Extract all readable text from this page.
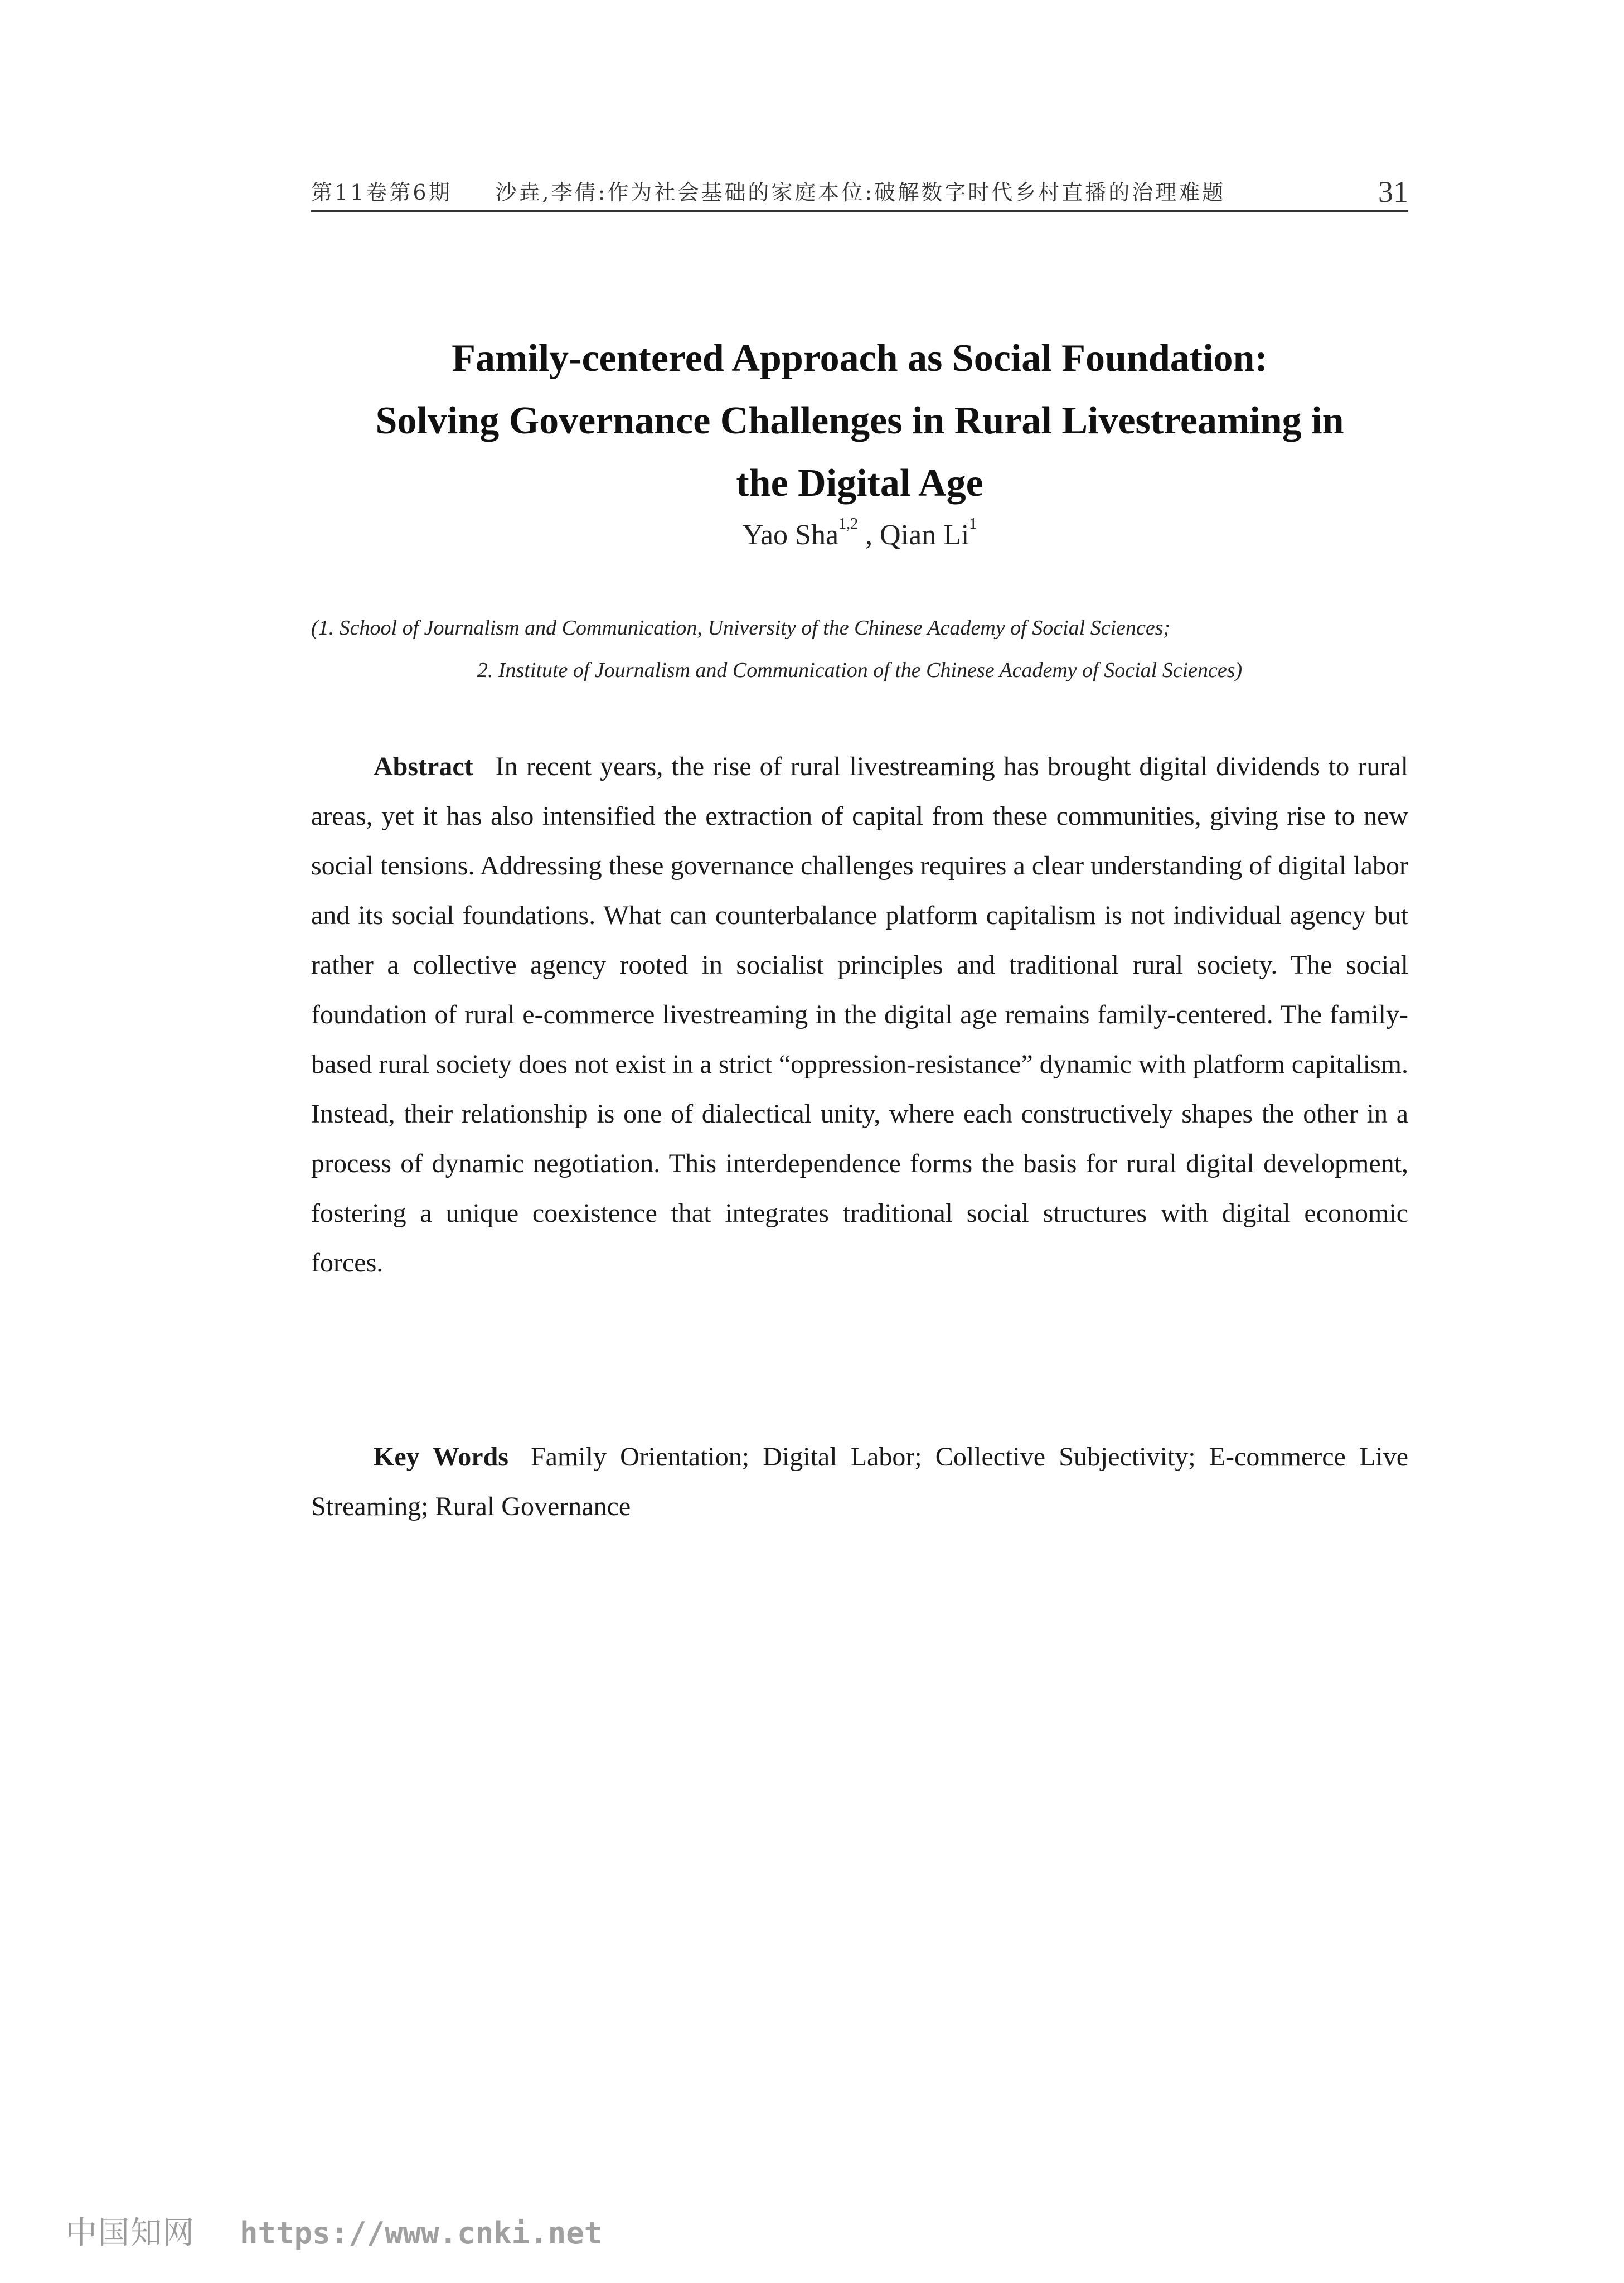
第11卷第6期 沙垚,李倩:作为社会基础的家庭本位:破解数字时代乡村直播的治理难题	31
Family-centered Approach as Social Foundation:
Solving Governance Challenges in Rural Livestreaming in
the Digital Age
Yao Sha$^{1,2}$ , Qian Li$^1$
(1. School of Journalism and Communication, University of the Chinese Academy of Social Sciences;
2. Institute of Journalism and Communication of the Chinese Academy of Social Sciences)

Abstract In recent years, the rise of rural livestreaming has brought digital dividends to rural areas, yet it has also intensified the extraction of capital from these communities, giving rise to new social tensions. Addressing these governance challenges requires a clear understanding of digital labor and its social foundations. What can counterbalance platform capitalism is not individual agency but rather a collective agency rooted in socialist principles and traditional rural society. The social foundation of rural e-commerce livestreaming in the digital age remains family-centered. The family-based rural society does not exist in a strict “oppression-resistance” dynamic with platform capitalism. Instead, their relationship is one of dialectical unity, where each constructively shapes the other in a process of dynamic negotiation. This interdependence forms the basis for rural digital development, fostering a unique coexistence that integrates traditional social structures with digital economic forces.

Key Words Family Orientation; Digital Labor; Collective Subjectivity; E-commerce Live Streaming; Rural Governance

中国知网 https://www.cnki.net
